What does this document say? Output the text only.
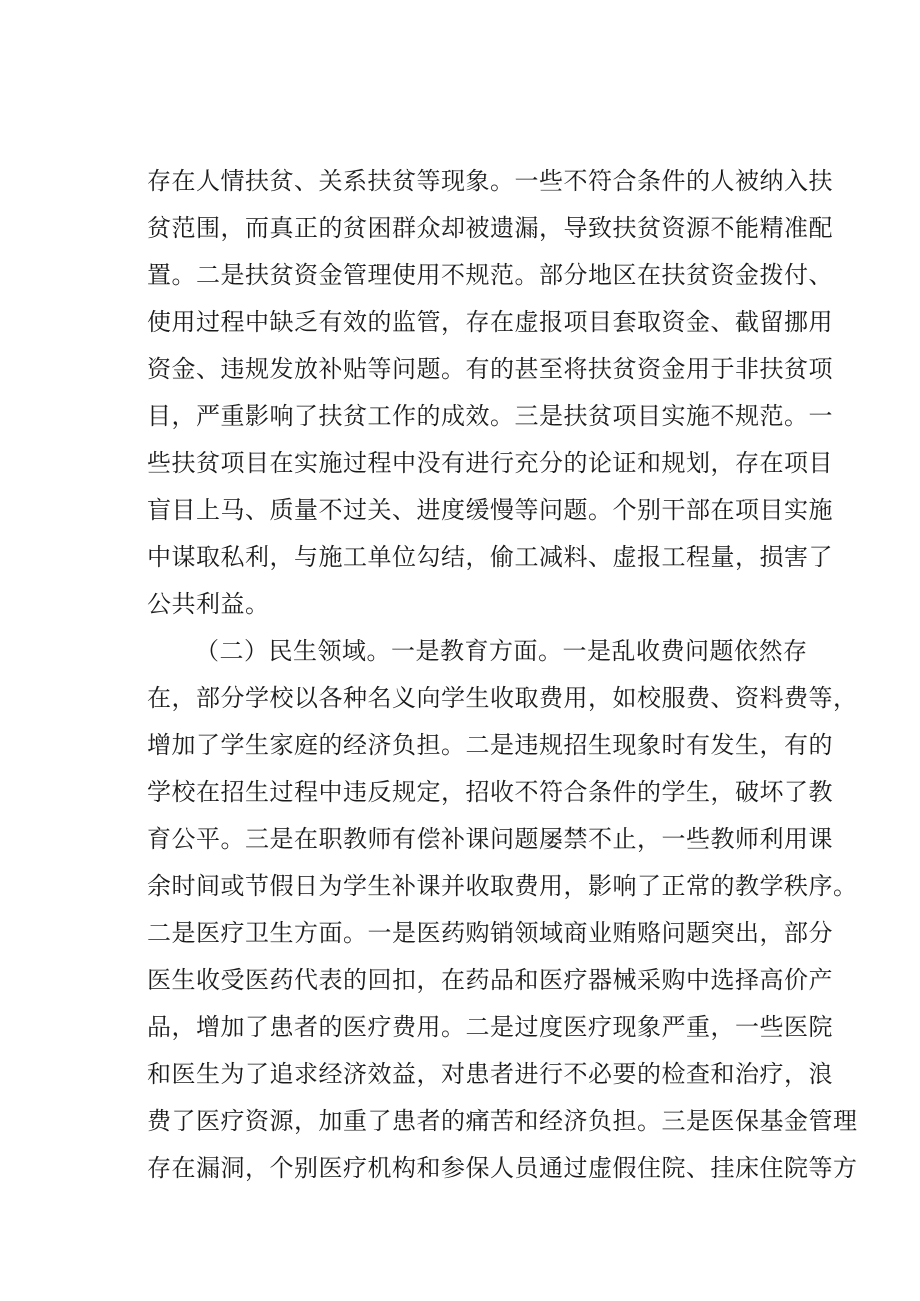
存在人情扶贫、关系扶贫等现象。一些不符合条件的人被纳入扶
贫范围，而真正的贫困群众却被遗漏，导致扶贫资源不能精准配
置。二是扶贫资金管理使用不规范。部分地区在扶贫资金拨付、
使用过程中缺乏有效的监管，存在虚报项目套取资金、截留挪用
资金、违规发放补贴等问题。有的甚至将扶贫资金用于非扶贫项
目，严重影响了扶贫工作的成效。三是扶贫项目实施不规范。一
些扶贫项目在实施过程中没有进行充分的论证和规划，存在项目
盲目上马、质量不过关、进度缓慢等问题。个别干部在项目实施
中谋取私利，与施工单位勾结，偷工减料、虚报工程量，损害了
公共利益。
（二）民生领域。一是教育方面。一是乱收费问题依然存
在，部分学校以各种名义向学生收取费用，如校服费、资料费等，
增加了学生家庭的经济负担。二是违规招生现象时有发生，有的
学校在招生过程中违反规定，招收不符合条件的学生，破坏了教
育公平。三是在职教师有偿补课问题屡禁不止，一些教师利用课
余时间或节假日为学生补课并收取费用，影响了正常的教学秩序。
二是医疗卫生方面。一是医药购销领域商业贿赂问题突出，部分
医生收受医药代表的回扣，在药品和医疗器械采购中选择高价产
品，增加了患者的医疗费用。二是过度医疗现象严重，一些医院
和医生为了追求经济效益，对患者进行不必要的检查和治疗，浪
费了医疗资源，加重了患者的痛苦和经济负担。三是医保基金管理
存在漏洞，个别医疗机构和参保人员通过虚假住院、挂床住院等方
